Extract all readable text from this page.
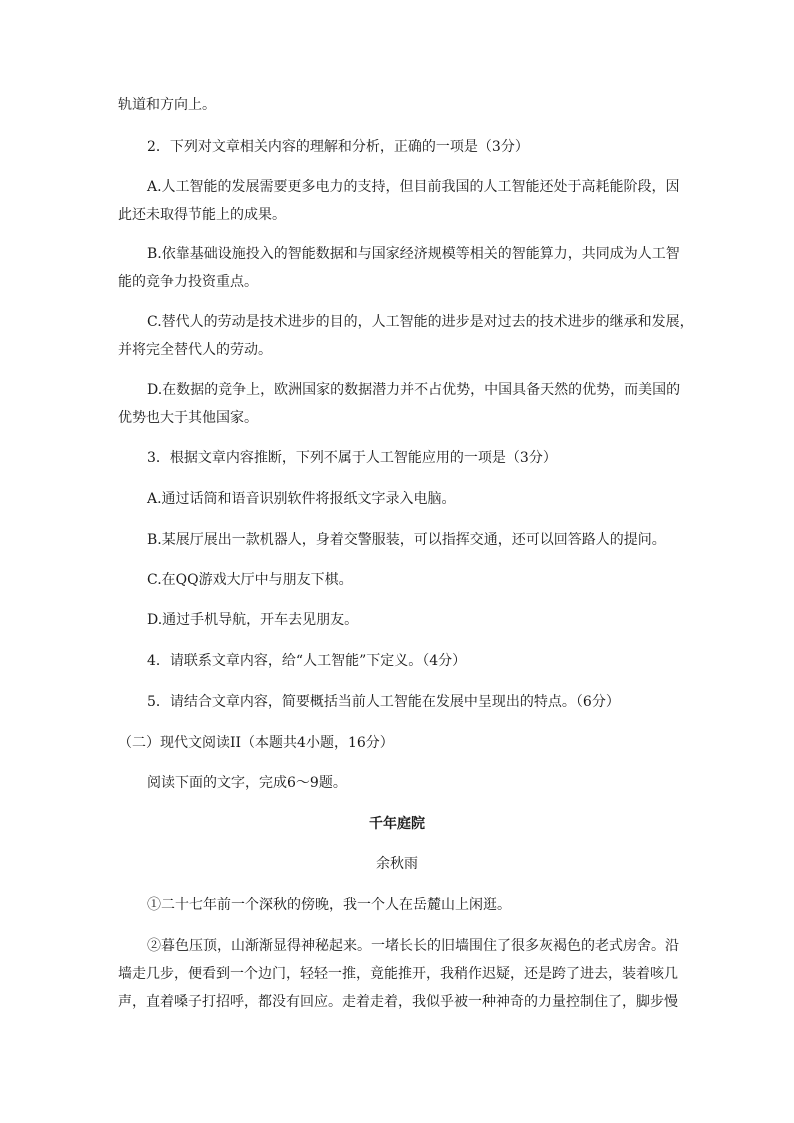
轨道和方向上。
2．下列对文章相关内容的理解和分析，正确的一项是（3分）
A.人工智能的发展需要更多电力的支持，但目前我国的人工智能还处于高耗能阶段，因
此还未取得节能上的成果。
B.依靠基础设施投入的智能数据和与国家经济规模等相关的智能算力，共同成为人工智
能的竞争力投资重点。
C.替代人的劳动是技术进步的目的，人工智能的进步是对过去的技术进步的继承和发展，
并将完全替代人的劳动。
D.在数据的竞争上，欧洲国家的数据潜力并不占优势，中国具备天然的优势，而美国的
优势也大于其他国家。
3．根据文章内容推断，下列不属于人工智能应用的一项是（3分）
A.通过话筒和语音识别软件将报纸文字录入电脑。
B.某展厅展出一款机器人，身着交警服装，可以指挥交通，还可以回答路人的提问。
C.在QQ游戏大厅中与朋友下棋。
D.通过手机导航，开车去见朋友。
4．请联系文章内容，给“人工智能”下定义。（4分）
5．请结合文章内容，简要概括当前人工智能在发展中呈现出的特点。（6分）
（二）现代文阅读II（本题共4小题，16分）
阅读下面的文字，完成6～9题。
千年庭院
余秋雨
①二十七年前一个深秋的傍晚，我一个人在岳麓山上闲逛。
②暮色压顶，山渐渐显得神秘起来。一堵长长的旧墙围住了很多灰褐色的老式房舍。沿
墙走几步，便看到一个边门，轻轻一推，竟能推开，我稍作迟疑，还是跨了进去，装着咳几
声，直着嗓子打招呼，都没有回应。走着走着，我似乎被一种神奇的力量控制住了，脚步慢
